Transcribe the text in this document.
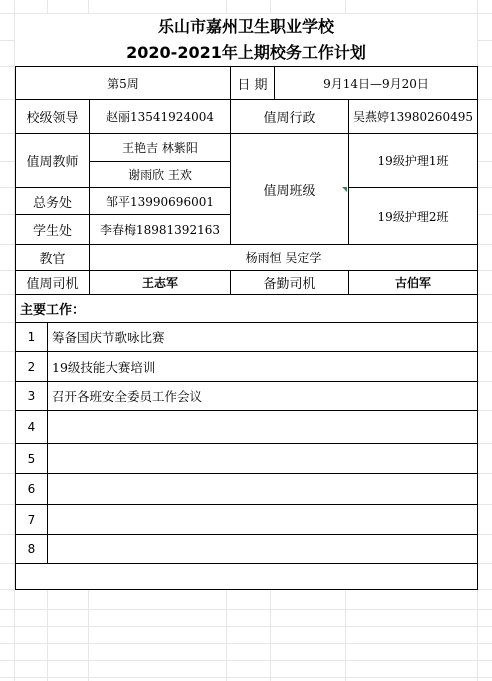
乐山市嘉州卫生职业学校
2020-2021年上期校务工作计划
第5周			日 期	9月14日—9月20日	
校级领导		赵丽13541924004	值周行政		吴燕婷13980260495
值周教师		王艳吉 林紫阳	值周班级		19级护理1班
		谢雨欣 王欢			
总务处		邹平13990696001			19级护理2班
学生处		李春梅18981392163			
教官		杨雨恒 吴定学			
值周司机		王志军	备勤司机		古伯军
主要工作：					
1	筹备国庆节歌咏比赛				
2	19级技能大赛培训				
3	召开各班安全委员工作会议				
4					
5					
6					
7					
8					
